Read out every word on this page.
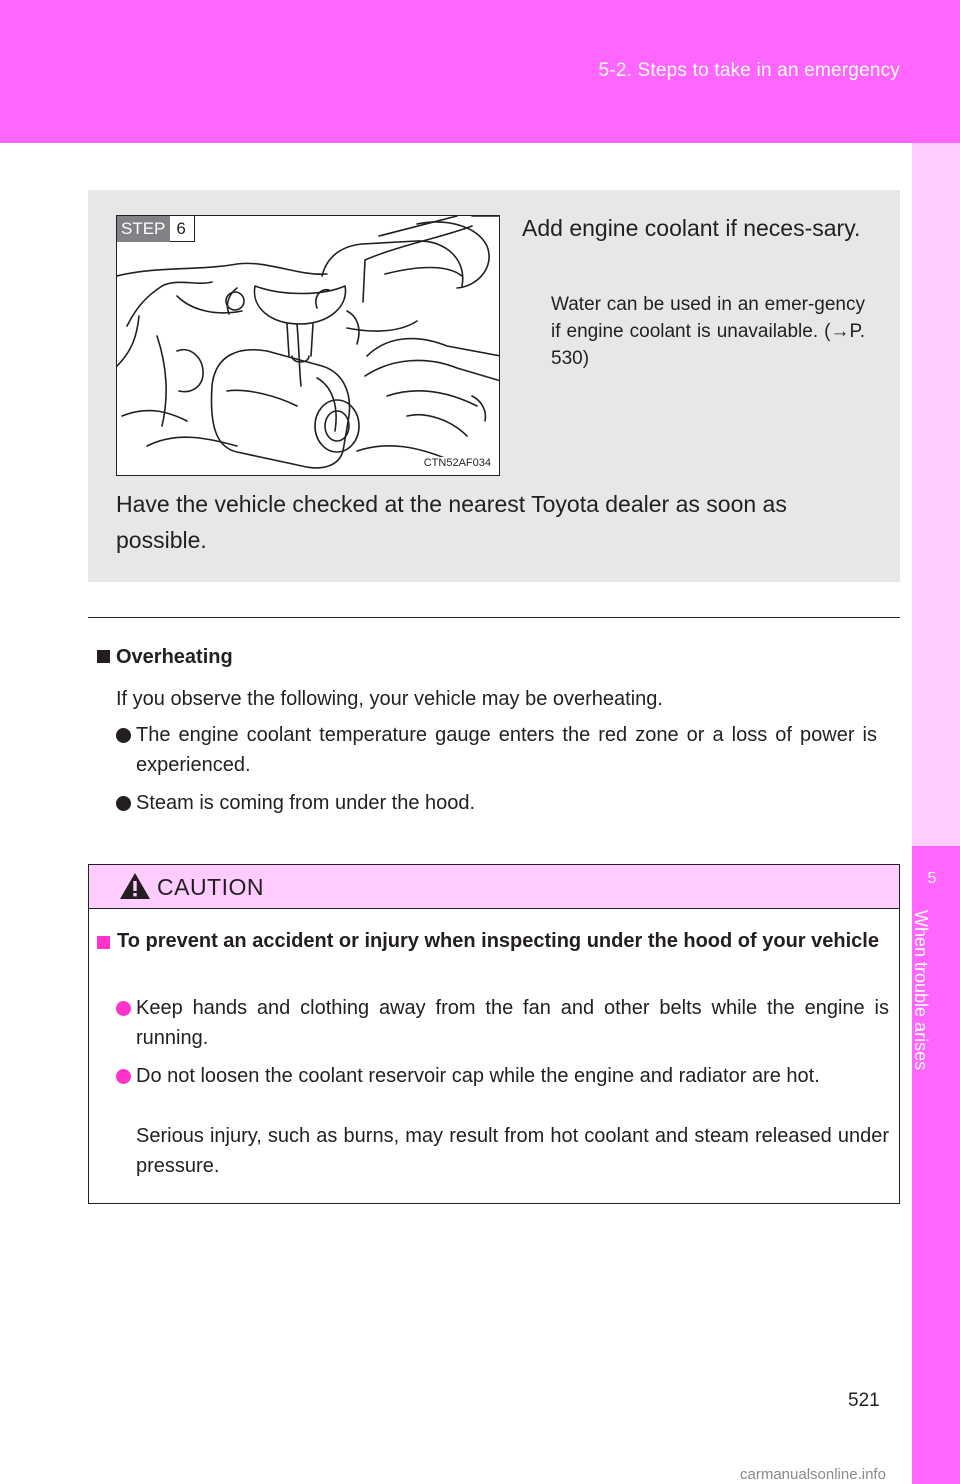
5-2. Steps to take in an emergency
5
When trouble arises
STEP 6
CTN52AF034
Add engine coolant if neces-sary.
Water can be used in an emer-gency if engine coolant is unavailable. (→P. 530)
Have the vehicle checked at the nearest Toyota dealer as soon as possible.
Overheating
If you observe the following, your vehicle may be overheating.
The engine coolant temperature gauge enters the red zone or a loss of power is experienced.
Steam is coming from under the hood.
CAUTION
To prevent an accident or injury when inspecting under the hood of your vehicle
Keep hands and clothing away from the fan and other belts while the engine is running.
Do not loosen the coolant reservoir cap while the engine and radiator are hot.
Serious injury, such as burns, may result from hot coolant and steam released under pressure.
521
carmanualsonline.info
